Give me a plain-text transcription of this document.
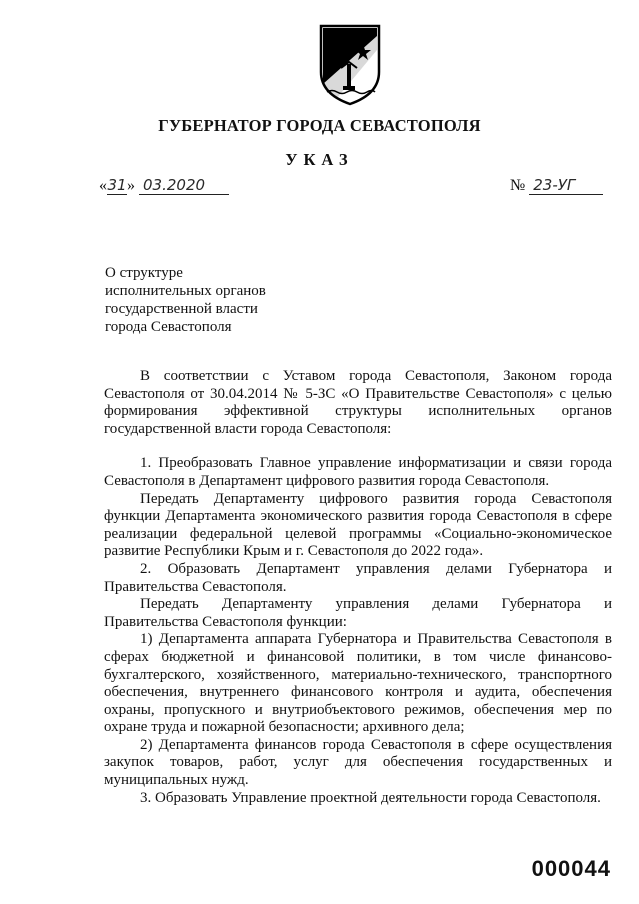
ГУБЕРНАТОР ГОРОДА СЕВАСТОПОЛЯ
УКАЗ
«31» 03.2020	№ 23-УГ
О структуре
исполнительных органов
государственной власти
города Севастополя

В соответствии с Уставом города Севастополя, Законом города Севастополя от 30.04.2014 № 5-ЗС «О Правительстве Севастополя» с целью формирования эффективной структуры исполнительных органов государственной власти города Севастополя:

1. Преобразовать Главное управление информатизации и связи города Севастополя в Департамент цифрового развития города Севастополя.

Передать Департаменту цифрового развития города Севастополя функции Департамента экономического развития города Севастополя в сфере реализации федеральной целевой программы «Социально-экономическое развитие Республики Крым и г. Севастополя до 2022 года».

2. Образовать Департамент управления делами Губернатора и Правительства Севастополя.

Передать Департаменту управления делами Губернатора и Правительства Севастополя функции:

1) Департамента аппарата Губернатора и Правительства Севастополя в сферах бюджетной и финансовой политики, в том числе финансово-бухгалтерского, хозяйственного, материально-технического, транспортного обеспечения, внутреннего финансового контроля и аудита, обеспечения охраны, пропускного и внутриобъектового режимов, обеспечения мер по охране труда и пожарной безопасности; архивного дела;

2) Департамента финансов города Севастополя в сфере осуществления закупок товаров, работ, услуг для обеспечения государственных и муниципальных нужд.

3. Образовать Управление проектной деятельности города Севастополя.

000044
